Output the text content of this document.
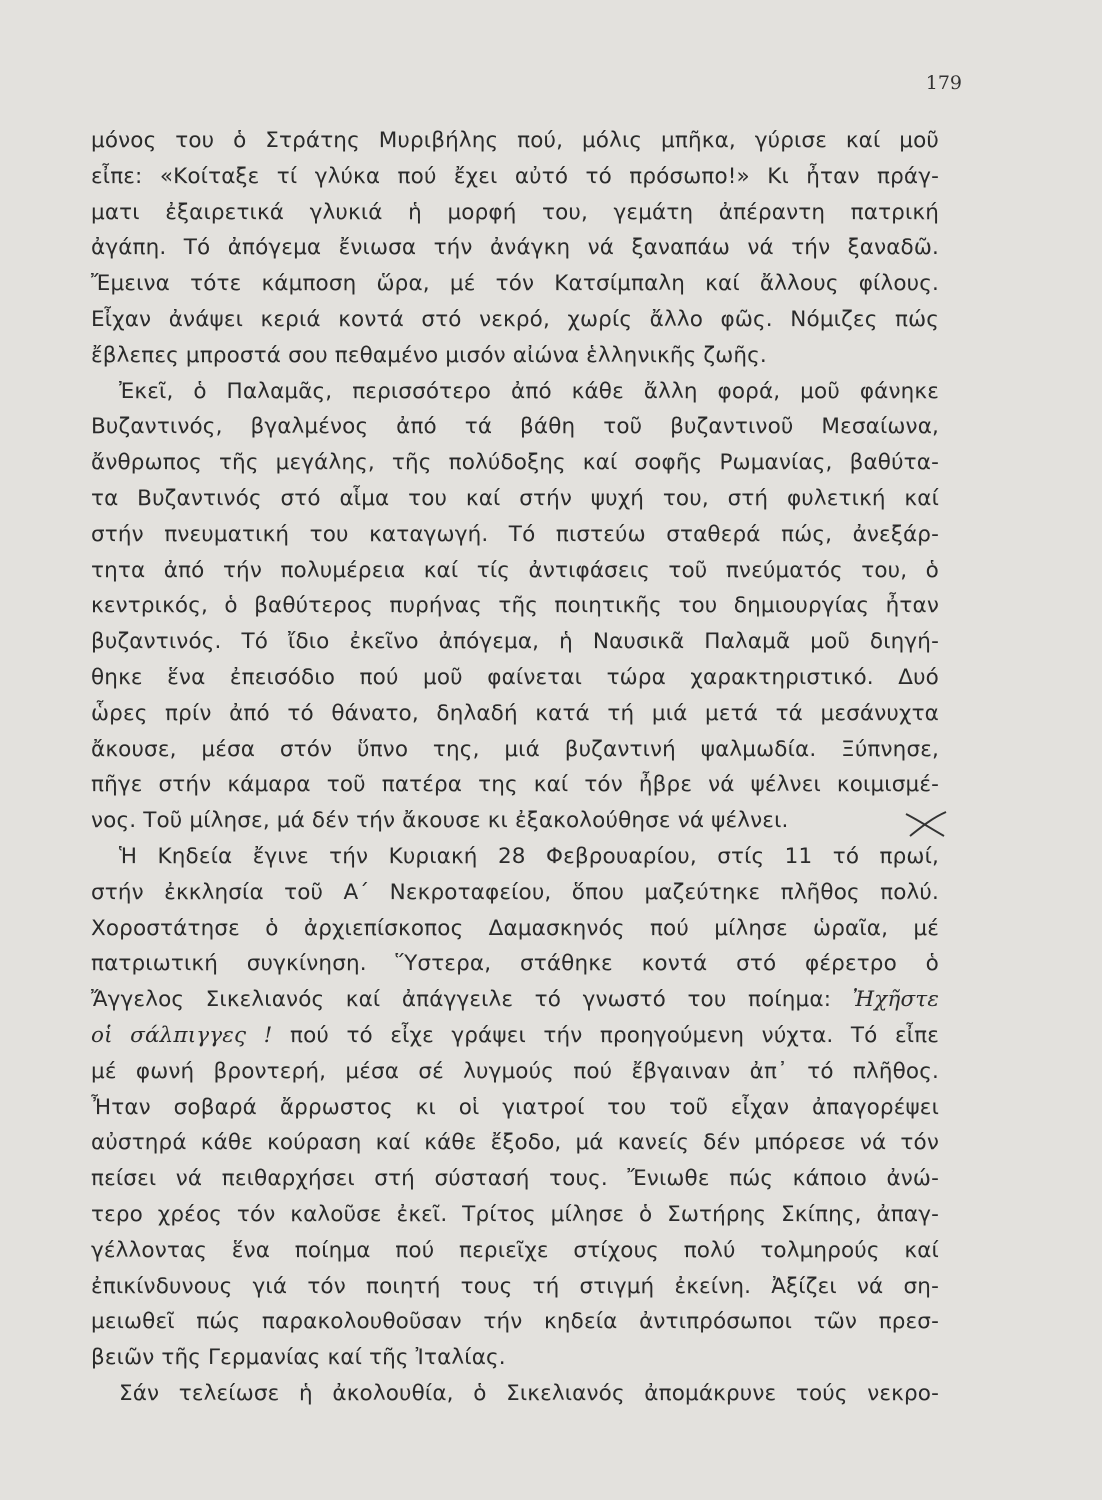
179
μόνος του ὁ Στράτης Μυριβήλης πού, μόλις μπῆκα, γύρισε καί μοῦ
εἶπε: «Κοίταξε τί γλύκα πού ἔχει αὐτό τό πρόσωπο!» Κι ἦταν πράγ-
ματι ἐξαιρετικά γλυκιά ἡ μορφή του, γεμάτη ἀπέραντη πατρική
ἀγάπη. Τό ἀπόγεμα ἔνιωσα τήν ἀνάγκη νά ξαναπάω νά τήν ξαναδῶ.
Ἔμεινα τότε κάμποση ὥρα, μέ τόν Κατσίμπαλη καί ἄλλους φίλους.
Εἶχαν ἀνάψει κεριά κοντά στό νεκρό, χωρίς ἄλλο φῶς. Νόμιζες πώς
ἔβλεπες μπροστά σου πεθαμένο μισόν αἰώνα ἑλληνικῆς ζωῆς.
Ἐκεῖ, ὁ Παλαμᾶς, περισσότερο ἀπό κάθε ἄλλη φορά, μοῦ φάνηκε
Βυζαντινός, βγαλμένος ἀπό τά βάθη τοῦ βυζαντινοῦ Μεσαίωνα,
ἄνθρωπος τῆς μεγάλης, τῆς πολύδοξης καί σοφῆς Ρωμανίας, βαθύτα-
τα Βυζαντινός στό αἷμα του καί στήν ψυχή του, στή φυλετική καί
στήν πνευματική του καταγωγή. Τό πιστεύω σταθερά πώς, ἀνεξάρ-
τητα ἀπό τήν πολυμέρεια καί τίς ἀντιφάσεις τοῦ πνεύματός του, ὁ
κεντρικός, ὁ βαθύτερος πυρήνας τῆς ποιητικῆς του δημιουργίας ἦταν
βυζαντινός. Τό ἴδιο ἐκεῖνο ἀπόγεμα, ἡ Ναυσικᾶ Παλαμᾶ μοῦ διηγή-
θηκε ἕνα ἐπεισόδιο πού μοῦ φαίνεται τώρα χαρακτηριστικό. Δυό
ὧρες πρίν ἀπό τό θάνατο, δηλαδή κατά τή μιά μετά τά μεσάνυχτα
ἄκουσε, μέσα στόν ὕπνο της, μιά βυζαντινή ψαλμωδία. Ξύπνησε,
πῆγε στήν κάμαρα τοῦ πατέρα της καί τόν ἦβρε νά ψέλνει κοιμισμέ-
νος. Τοῦ μίλησε, μά δέν τήν ἄκουσε κι ἐξακολούθησε νά ψέλνει.
Ἡ Κηδεία ἔγινε τήν Κυριακή 28 Φεβρουαρίου, στίς 11 τό πρωί,
στήν ἐκκλησία τοῦ Α΄ Νεκροταφείου, ὅπου μαζεύτηκε πλῆθος πολύ.
Χοροστάτησε ὁ ἀρχιεπίσκοπος Δαμασκηνός πού μίλησε ὡραῖα, μέ
πατριωτική συγκίνηση. Ὕστερα, στάθηκε κοντά στό φέρετρο ὁ
Ἄγγελος Σικελιανός καί ἀπάγγειλε τό γνωστό του ποίημα: Ἠχῆστε
οἱ σάλπιγγες ! πού τό εἶχε γράψει τήν προηγούμενη νύχτα. Τό εἶπε
μέ φωνή βροντερή, μέσα σέ λυγμούς πού ἔβγαιναν ἀπ᾽ τό πλῆθος.
Ἦταν σοβαρά ἄρρωστος κι οἱ γιατροί του τοῦ εἶχαν ἀπαγορέψει
αὐστηρά κάθε κούραση καί κάθε ἔξοδο, μά κανείς δέν μπόρεσε νά τόν
πείσει νά πειθαρχήσει στή σύστασή τους. Ἔνιωθε πώς κάποιο ἀνώ-
τερο χρέος τόν καλοῦσε ἐκεῖ. Τρίτος μίλησε ὁ Σωτήρης Σκίπης, ἀπαγ-
γέλλοντας ἕνα ποίημα πού περιεῖχε στίχους πολύ τολμηρούς καί
ἐπικίνδυνους γιά τόν ποιητή τους τή στιγμή ἐκείνη. Ἀξίζει νά ση-
μειωθεῖ πώς παρακολουθοῦσαν τήν κηδεία ἀντιπρόσωποι τῶν πρεσ-
βειῶν τῆς Γερμανίας καί τῆς Ἰταλίας.
Σάν τελείωσε ἡ ἀκολουθία, ὁ Σικελιανός ἀπομάκρυνε τούς νεκρο-
